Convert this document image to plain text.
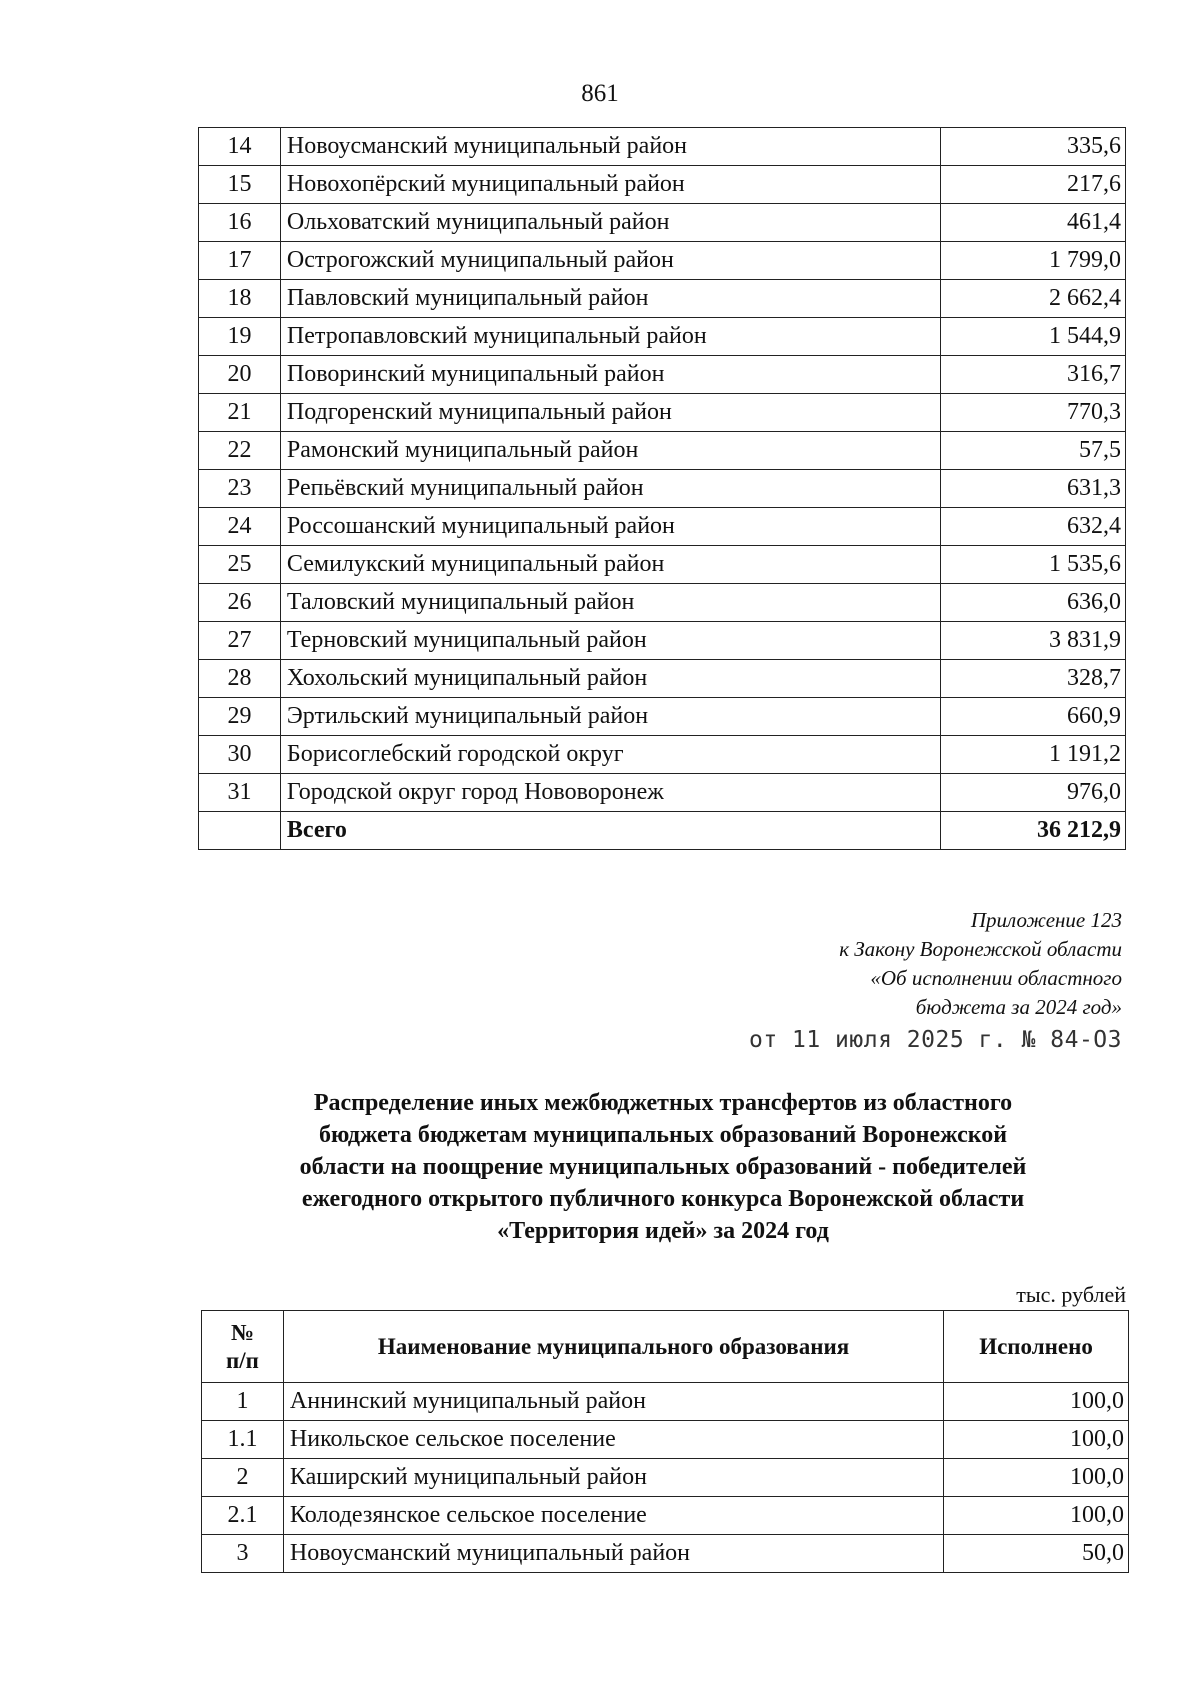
861
14	Новоусманский муниципальный район	335,6
15	Новохопёрский муниципальный район	217,6
16	Ольховатский муниципальный район	461,4
17	Острогожский муниципальный район	1 799,0
18	Павловский муниципальный район	2 662,4
19	Петропавловский муниципальный район	1 544,9
20	Поворинский муниципальный район	316,7
21	Подгоренский муниципальный район	770,3
22	Рамонский муниципальный район	57,5
23	Репьёвский муниципальный район	631,3
24	Россошанский муниципальный район	632,4
25	Семилукский муниципальный район	1 535,6
26	Таловский муниципальный район	636,0
27	Терновский муниципальный район	3 831,9
28	Хохольский муниципальный район	328,7
29	Эртильский муниципальный район	660,9
30	Борисоглебский городской округ	1 191,2
31	Городской округ город Нововоронеж	976,0
	Всего	36 212,9
Приложение 123
к Закону Воронежской области
«Об исполнении областного
бюджета за 2024 год»
от 11 июля 2025 г. № 84-ОЗ
Распределение иных межбюджетных трансфертов из областного
бюджета бюджетам муниципальных образований Воронежской
области на поощрение муниципальных образований - победителей
ежегодного открытого публичного конкурса Воронежской области
«Территория идей» за 2024 год
тыс. рублей
№
п/п	Наименование муниципального образования	Исполнено
1	Аннинский муниципальный район	100,0
1.1	Никольское сельское поселение	100,0
2	Каширский муниципальный район	100,0
2.1	Колодезянское сельское поселение	100,0
3	Новоусманский муниципальный район	50,0
